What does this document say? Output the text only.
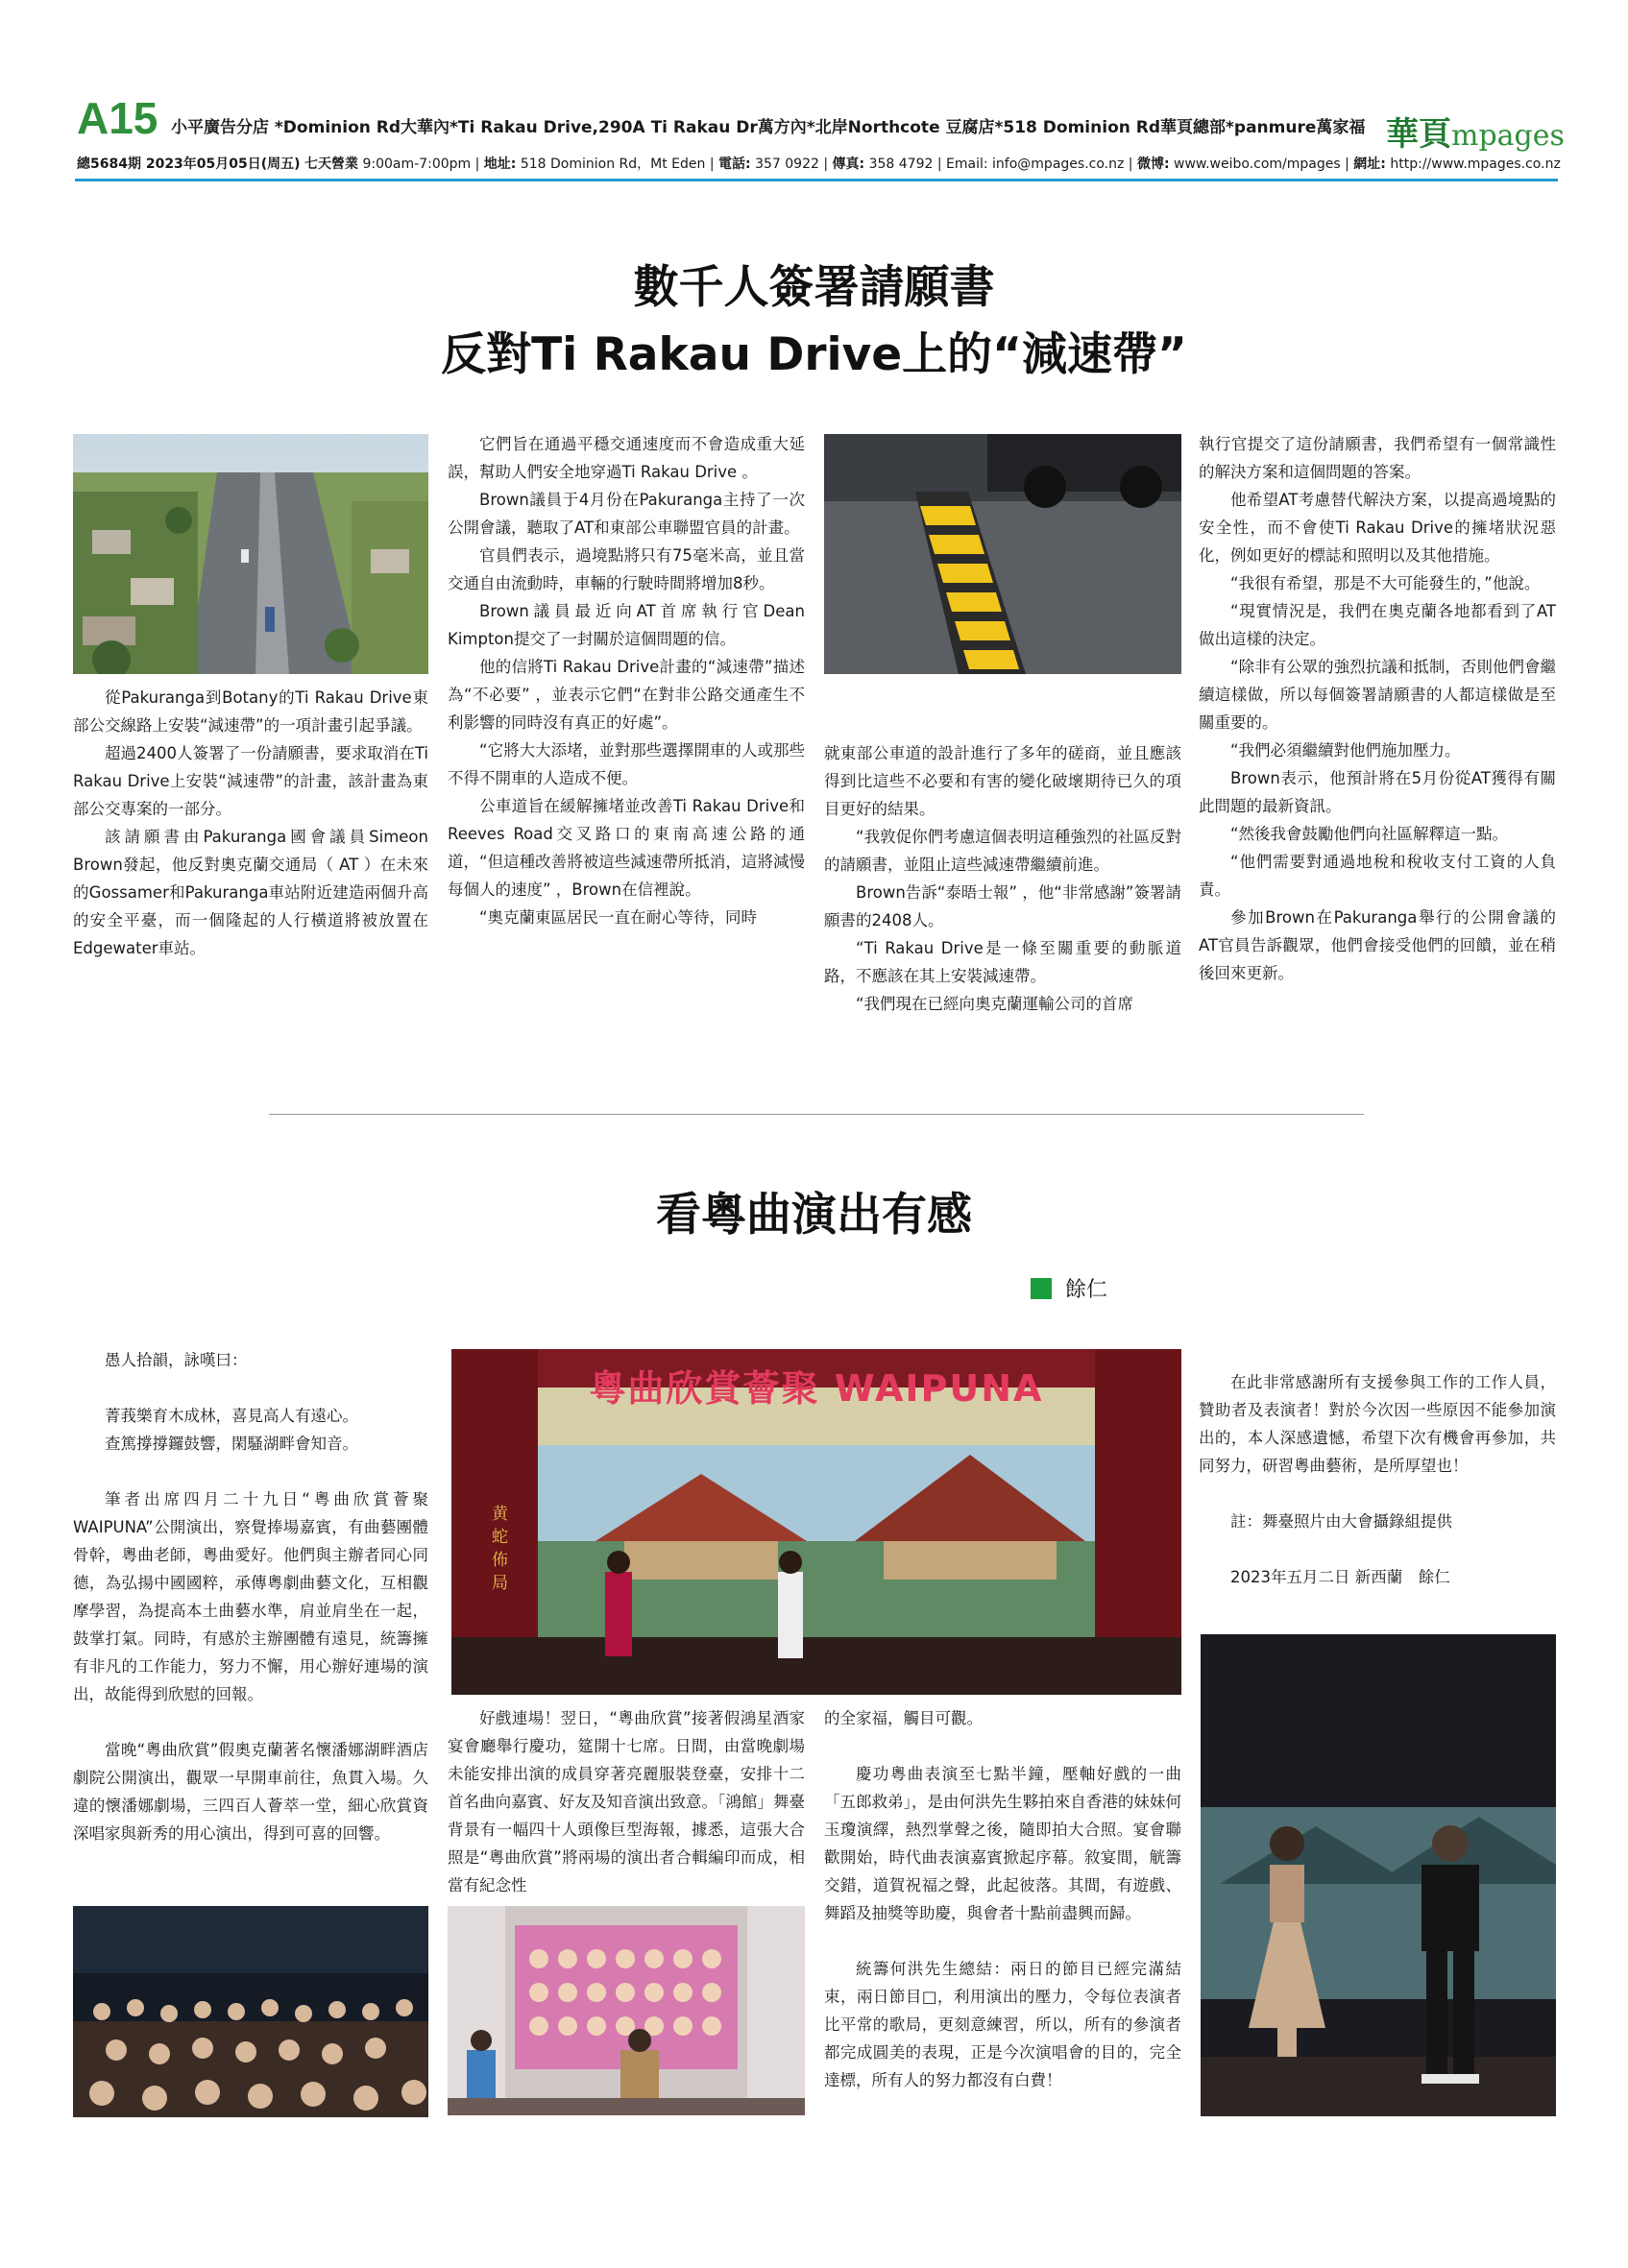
A15 小平廣告分店 *Dominion Rd大華內*Ti Rakau Drive,290A Ti Rakau Dr萬方內*北岸Northcote 豆腐店*518 Dominion Rd華頁總部*panmure萬家福
總5684期 2023年05月05日(周五) 七天營業 9:00am-7:00pm | 地址: 518 Dominion Rd，Mt Eden | 電話: 357 0922 | 傳真: 358 4792 | Email: info@mpages.co.nz | 微博: www.weibo.com/mpages | 網址: http://www.mpages.co.nz
華頁mpages
數千人簽署請願書
反對Ti Rakau Drive上的“減速帶”

從Pakuranga到Botany的Ti Rakau Drive東部公交線路上安裝“減速帶”的一項計畫引起爭議。

超過2400人簽署了一份請願書，要求取消在Ti Rakau Drive上安裝“減速帶”的計畫，該計畫為東部公交專案的一部分。

該請願書由Pakuranga國會議員Simeon Brown發起，他反對奧克蘭交通局（ AT ）在未來的Gossamer和Pakuranga車站附近建造兩個升高的安全平臺，而一個隆起的人行橫道將被放置在Edgewater車站。

它們旨在通過平穩交通速度而不會造成重大延誤，幫助人們安全地穿過Ti Rakau Drive 。

Brown議員于4月份在Pakuranga主持了一次公開會議，聽取了AT和東部公車聯盟官員的計畫。

官員們表示，過境點將只有75毫米高，並且當交通自由流動時，車輛的行駛時間將增加8秒。

Brown議員最近向AT首席執行官Dean Kimpton提交了一封關於這個問題的信。

他的信將Ti Rakau Drive計畫的“減速帶”描述為“不必要” ，並表示它們“在對非公路交通產生不利影響的同時沒有真正的好處”。

“它將大大添堵，並對那些選擇開車的人或那些不得不開車的人造成不便。

公車道旨在緩解擁堵並改善Ti Rakau Drive和Reeves Road交叉路口的東南高速公路的通道，“但這種改善將被這些減速帶所抵消，這將減慢每個人的速度” ，Brown在信裡說。

“奧克蘭東區居民一直在耐心等待，同時

就東部公車道的設計進行了多年的磋商，並且應該得到比這些不必要和有害的變化破壞期待已久的項目更好的結果。

“我敦促你們考慮這個表明這種強烈的社區反對的請願書，並阻止這些減速帶繼續前進。

Brown告訴“泰晤士報” ，他“非常感謝”簽署請願書的2408人。

“Ti Rakau Drive是一條至關重要的動脈道路，不應該在其上安裝減速帶。

“我們現在已經向奧克蘭運輸公司的首席

執行官提交了這份請願書，我們希望有一個常識性的解決方案和這個問題的答案。

他希望AT考慮替代解決方案，以提高過境點的安全性，而不會使Ti Rakau Drive的擁堵狀況惡化，例如更好的標誌和照明以及其他措施。

“我很有希望，那是不大可能發生的，”他說。

“現實情況是，我們在奧克蘭各地都看到了AT做出這樣的決定。

“除非有公眾的強烈抗議和抵制，否則他們會繼續這樣做，所以每個簽署請願書的人都這樣做是至關重要的。

“我們必須繼續對他們施加壓力。

Brown表示，他預計將在5月份從AT獲得有關此問題的最新資訊。

“然後我會鼓勵他們向社區解釋這一點。

“他們需要對通過地稅和稅收支付工資的人負責。

參加Brown在Pakuranga舉行的公開會議的AT官員告訴觀眾，他們會接受他們的回饋，並在稍後回來更新。

看粵曲演出有感
餘仁

愚人拾韻，詠嘆曰：

菁莪樂育木成林，喜見高人有遠心。

查篤撐撐鑼鼓響，閑騷湖畔會知音。

筆者出席四月二十九日“粵曲欣賞薈聚WAIPUNA”公開演出，察覺捧場嘉賓，有曲藝團體骨幹，粵曲老師，粵曲愛好。他們與主辦者同心同德，為弘揚中國國粹，承傳粵劇曲藝文化，互相觀摩學習，為提高本土曲藝水準，肩並肩坐在一起，鼓掌打氣。同時，有感於主辦團體有遠見，統籌擁有非凡的工作能力，努力不懈，用心辦好連場的演出，故能得到欣慰的回報。

當晚“粵曲欣賞”假奧克蘭著名懷潘娜湖畔酒店劇院公開演出，觀眾一早開車前往，魚貫入場。久違的懷潘娜劇場，三四百人薈萃一堂，細心欣賞資深唱家與新秀的用心演出，得到可喜的回響。

粵曲欣賞薈聚 WAIPUNA
黄蛇佈局

好戲連場！翌日，“粵曲欣賞”接著假鴻星酒家宴會廳舉行慶功，筵開十七席。日間，由當晚劇場未能安排出演的成員穿著亮麗服裝登臺，安排十二首名曲向嘉賓、好友及知音演出致意。「鴻館」舞臺背景有一幅四十人頭像巨型海報，據悉，這張大合照是“粵曲欣賞”將兩場的演出者合輯編印而成，相當有紀念性

的全家福，觸目可觀。

慶功粵曲表演至七點半鐘，壓軸好戲的一曲「五郎救弟」，是由何洪先生夥拍來自香港的妹妹何玉瓊演繹，熱烈掌聲之後，隨即拍大合照。宴會聯歡開始，時代曲表演嘉賓掀起序幕。敘宴間，觥籌交錯，道賀祝福之聲，此起彼落。其間，有遊戲、舞蹈及抽獎等助慶，與會者十點前盡興而歸。

統籌何洪先生總結：兩日的節目已經完滿結束，兩日節目□，利用演出的壓力，令每位表演者比平常的歌局，更刻意練習，所以，所有的參演者都完成圓美的表現，正是今次演唱會的目的，完全達標，所有人的努力都沒有白費！

在此非常感謝所有支援參與工作的工作人員，贊助者及表演者！對於今次因一些原因不能參加演出的，本人深感遺憾，希望下次有機會再參加，共同努力，研習粵曲藝術，是所厚望也！

註：舞臺照片由大會攝錄組提供

2023年五月二日 新西蘭　餘仁
